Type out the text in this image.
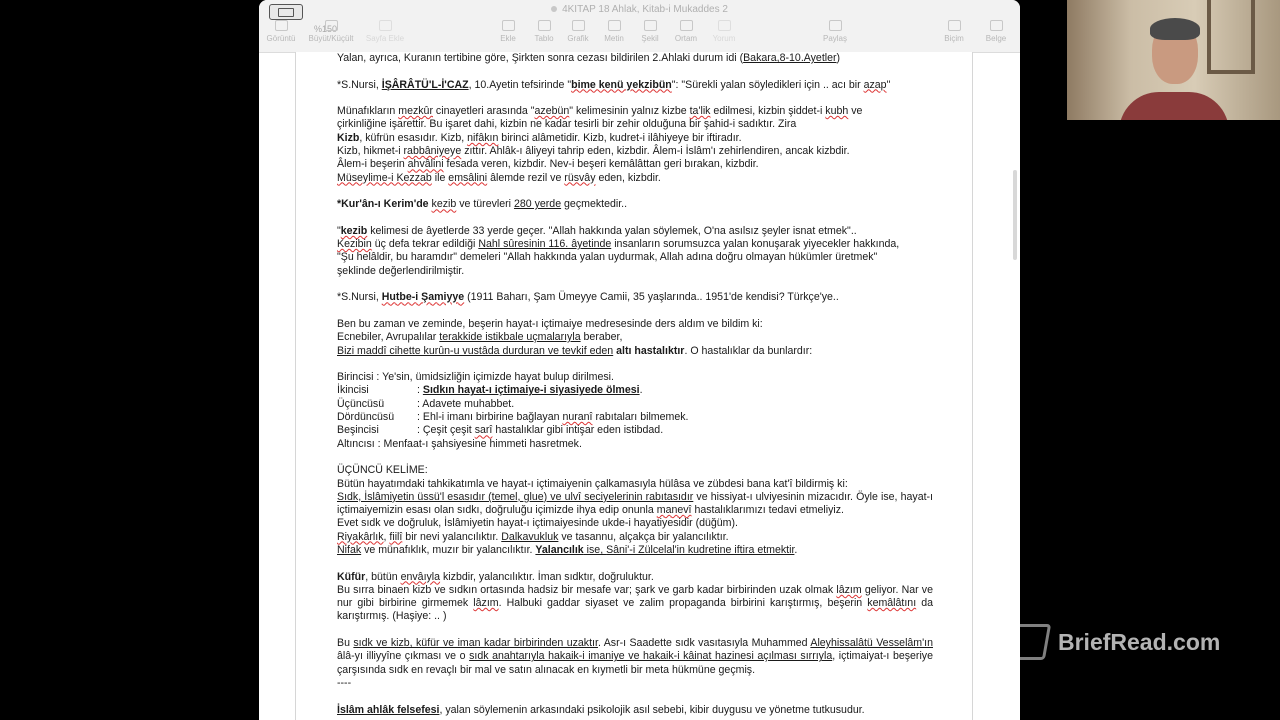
4KITAP 18 Ahlak, Kitab-i Mukaddes 2
%150
Görüntü	Büyüt/Küçült	Sayfa Ekle	Ekle	Tablo	Grafik	Metin	Şekil	Ortam	Yorum	Paylaş	Biçim	Belge

Yalan, ayrıca, Kuranın tertibine göre, Şirkten sonra cezası bildirilen 2.Ahlaki durum idi (Bakara,8-10.Ayetler)

*S.Nursi, İŞÂRÂTÜ'L-İ'CAZ, 10.Ayetin tefsirinde "bime kenü yekzibün": "Sürekli yalan söyledikleri için .. acı bir azap"

Münafıkların mezkûr cinayetleri arasında "azebün" kelimesinin yalnız kizbe ta'lik edilmesi, kizbin şiddet-i kubh ve

çirkinliğine işarettir. Bu işaret dahi, kizbin ne kadar tesirli bir zehir olduğuna bir şahid-i sadıktır. Zira

Kizb, küfrün esasıdır. Kizb, nifâkın birinci alâmetidir. Kizb, kudret-i ilâhiyeye bir iftiradır.

Kizb, hikmet-i rabbâniyeye zıttır. Ahlâk-ı âliyeyi tahrip eden, kizbdir. Âlem-i İslâm'ı zehirlendiren, ancak kizbdir.

Âlem-i beşerin ahvâlini fesada veren, kizbdir. Nev-i beşeri kemâlâttan geri bırakan, kizbdir.

Müseylime-i Kezzab ile emsâlini âlemde rezil ve rüsvây eden, kizbdir.

*Kur'ân-ı Kerim'de kezib ve türevleri 280 yerde geçmektedir..

"kezib kelimesi de âyetlerde 33 yerde geçer. "Allah hakkında yalan söylemek, O'na asılsız şeyler isnat etmek"..

Kezibin üç defa tekrar edildiği Nahl sûresinin 116. âyetinde insanların sorumsuzca yalan konuşarak yiyecekler hakkında,

"Şu helâldir, bu haramdır" demeleri "Allah hakkında yalan uydurmak, Allah adına doğru olmayan hükümler üretmek"

şeklinde değerlendirilmiştir.

*S.Nursi, Hutbe-i Şamiyye (1911 Baharı, Şam Ümeyye Camii, 35 yaşlarında.. 1951'de kendisi? Türkçe'ye..

Ben bu zaman ve zeminde, beşerin hayat-ı içtimaiye medresesinde ders aldım ve bildim ki:

Ecnebiler, Avrupalılar terakkide istikbale uçmalarıyla beraber,

Bizi maddî cihette kurûn-u vustâda durduran ve tevkif eden altı hastalıktır. O hastalıklar da bunlardır:

Birincisi : Ye'sin, ümidsizliğin içimizde hayat bulup dirilmesi.

İkincisi	: Sıdkın hayat-ı içtimaiye-i siyasiyede ölmesi.

Üçüncüsü	: Adavete muhabbet.

Dördüncüsü : Ehl-i imanı birbirine bağlayan nuranî rabıtaları bilmemek.

Beşincisi	: Çeşit çeşit sarî hastalıklar gibi intişar eden istibdad.

Altıncısı : Menfaat-ı şahsiyesine himmeti hasretmek.

ÜÇÜNCÜ KELİME:

Bütün hayatımdaki tahkikatımla ve hayat-ı içtimaiyenin çalkamasıyla hülâsa ve zübdesi bana kat'î bildirmiş ki:

Sıdk, İslâmiyetin üssü'l esasıdır (temel, glue) ve ulvî seciyelerinin rabıtasıdır ve hissiyat-ı ulviyesinin mizacıdır. Öyle ise, hayat-ı içtimaiyemizin esası olan sıdkı, doğruluğu içimizde ihya edip onunla manevî hastalıklarımızı tedavi etmeliyiz.

Evet sıdk ve doğruluk, İslâmiyetin hayat-ı içtimaiyesinde ukde-i hayatiyesidir (düğüm).

Riyakârlık, fiilî bir nevi yalancılıktır. Dalkavukluk ve tasannu, alçakça bir yalancılıktır.

Nifak ve münafıklık, muzır bir yalancılıktır. Yalancılık ise, Sâni'-i Zülcelal'in kudretine iftira etmektir.

Küfür, bütün envâıyla kizbdir, yalancılıktır. İman sıdktır, doğruluktur.

Bu sırra binaen kizb ve sıdkın ortasında hadsiz bir mesafe var; şark ve garb kadar birbirinden uzak olmak lâzım geliyor. Nar ve nur gibi birbirine girmemek lâzım. Halbuki gaddar siyaset ve zalim propaganda birbirini karıştırmış, beşerin kemâlâtını da karıştırmış. (Haşiye: .. )

Bu sıdk ve kizb, küfür ve iman kadar birbirinden uzaktır. Asr-ı Saadette sıdk vasıtasıyla Muhammed Aleyhissalâtü Vesselâm'ın âlâ-yı illiyyîne çıkması ve o sıdk anahtarıyla hakaik-i imaniye ve hakaik-i kâinat hazinesi açılması sırrıyla, içtimaiyat-ı beşeriye çarşısında sıdk en revaçlı bir mal ve satın alınacak en kıymetli bir meta hükmüne geçmiş.

----

İslâm ahlâk felsefesi, yalan söylemenin arkasındaki psikolojik asıl sebebi, kibir duygusu ve yönetme tutkusudur.

BriefRead.com
